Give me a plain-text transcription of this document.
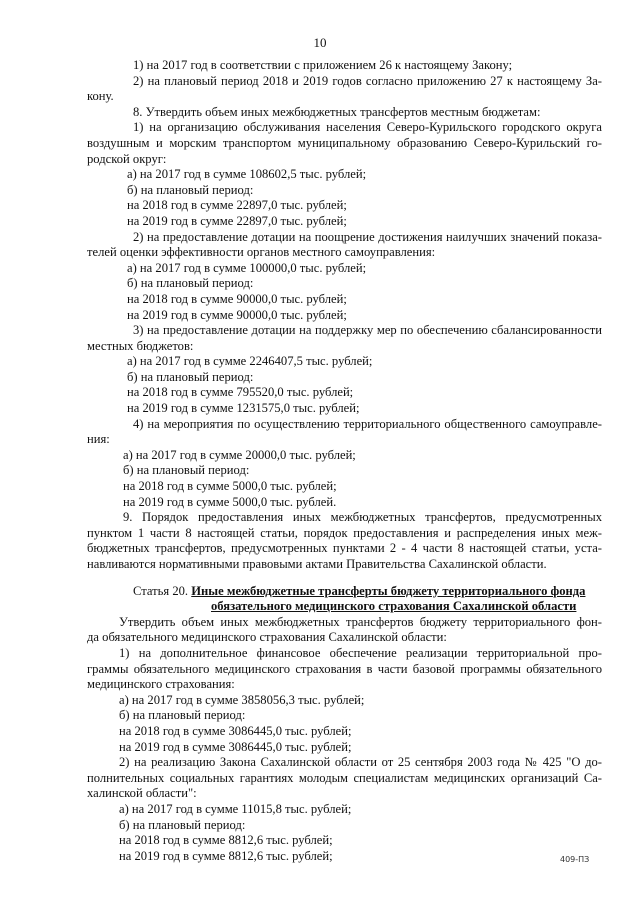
10
1) на 2017 год в соответствии с приложением 26 к настоящему Закону;
2) на плановый период 2018 и 2019 годов согласно приложению 27 к настоящему За-
кону.
8. Утвердить объем иных межбюджетных трансфертов местным бюджетам:
1) на организацию обслуживания населения Северо-Курильского городского округа
воздушным и морским транспортом муниципальному образованию Северо-Курильский го-
родской округ:
а) на 2017 год в сумме 108602,5 тыс. рублей;
б) на плановый период:
на 2018 год в сумме 22897,0 тыс. рублей;
на 2019 год в сумме 22897,0 тыс. рублей;
2) на предоставление дотации на поощрение достижения наилучших значений показа-
телей оценки эффективности органов местного самоуправления:
а) на 2017 год в сумме 100000,0 тыс. рублей;
б) на плановый период:
на 2018 год в сумме 90000,0 тыс. рублей;
на 2019 год в сумме 90000,0 тыс. рублей;
3) на предоставление дотации на поддержку мер по обеспечению сбалансированности
местных бюджетов:
а) на 2017 год в сумме 2246407,5 тыс. рублей;
б) на плановый период:
на 2018 год в сумме 795520,0 тыс. рублей;
на 2019 год в сумме 1231575,0 тыс. рублей;
4) на мероприятия по осуществлению территориального общественного самоуправле-
ния:
а) на 2017 год в сумме 20000,0 тыс. рублей;
б) на плановый период:
на 2018 год в сумме 5000,0 тыс. рублей;
на 2019 год в сумме 5000,0 тыс. рублей.
9. Порядок предоставления иных межбюджетных трансфертов, предусмотренных
пунктом 1 части 8 настоящей статьи, порядок предоставления и распределения иных меж-
бюджетных трансфертов, предусмотренных пунктами 2 - 4 части 8 настоящей статьи, уста-
навливаются нормативными правовыми актами Правительства Сахалинской области.
Статья 20. Иные межбюджетные трансферты бюджету территориального фонда
обязательного медицинского страхования Сахалинской области
Утвердить объем иных межбюджетных трансфертов бюджету территориального фон-
да обязательного медицинского страхования Сахалинской области:
1) на дополнительное финансовое обеспечение реализации территориальной про-
граммы обязательного медицинского страхования в части базовой программы обязательного
медицинского страхования:
а) на 2017 год в сумме 3858056,3 тыс. рублей;
б) на плановый период:
на 2018 год в сумме 3086445,0 тыс. рублей;
на 2019 год в сумме 3086445,0 тыс. рублей;
2) на реализацию Закона Сахалинской области от 25 сентября 2003 года № 425 "О до-
полнительных социальных гарантиях молодым специалистам медицинских организаций Са-
халинской области":
а) на 2017 год в сумме 11015,8 тыс. рублей;
б) на плановый период:
на 2018 год в сумме 8812,6 тыс. рублей;
на 2019 год в сумме 8812,6 тыс. рублей;	409-ПЗ
